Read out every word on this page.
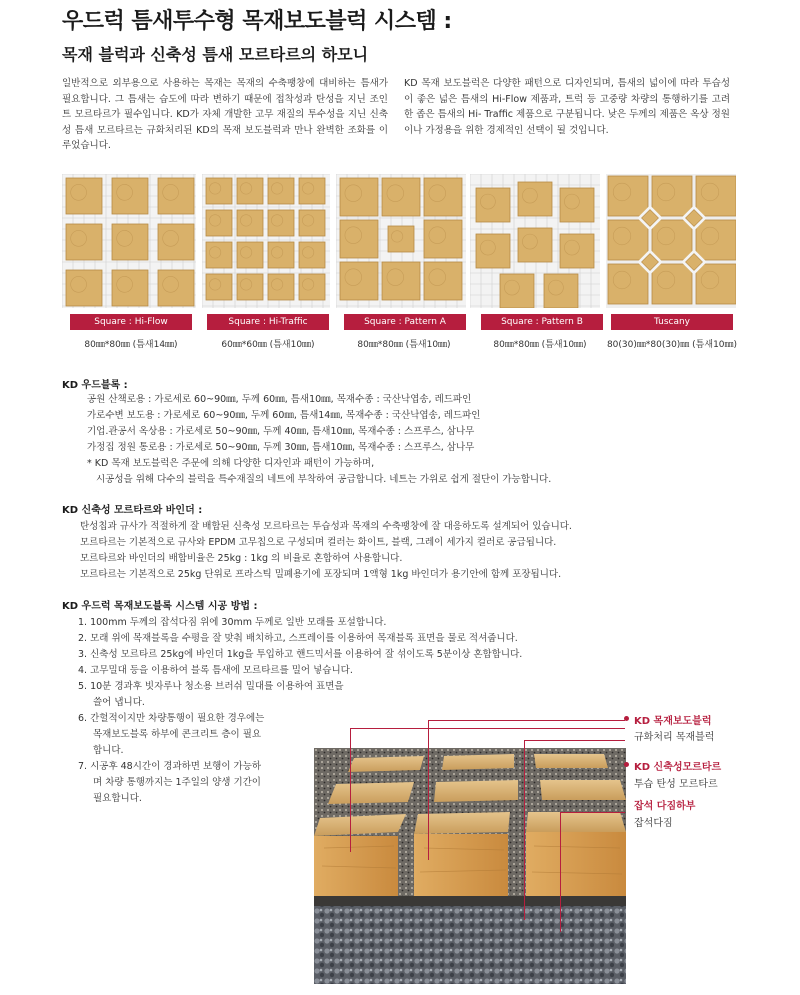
우드럭 틈새투수형 목재보도블럭 시스템 :
목재 블럭과 신축성 틈새 모르타르의 하모니
일반적으로 외부용으로 사용하는 목재는 목재의 수축팽창에 대비하는 틈새가 필요합니다. 그 틈새는 습도에 따라 변하기 때문에 접착성과 탄성을 지닌 조인트 모르타르가 필수입니다. KD가 자체 개발한 고무 재질의 투수성을 지닌 신축성 틈새 모르타르는 규화처리된 KD의 목재 보도블럭과 만나 완벽한 조화를 이루었습니다.
KD 목재 보도블럭은 다양한 패턴으로 디자인되며, 틈새의 넓이에 따라 투습성이 좋은 넓은 틈새의 Hi-Flow 제품과, 트럭 등 고중량 차량의 통행하기를 고려한 좁은 틈새의 Hi- Traffic 제품으로 구분됩니다. 낮은 두께의 제품은 옥상 정원이나 가정용을 위한 경제적인 선택이 될 것입니다.
Square : Hi-Flow	Square : Hi-Traffic	Square : Pattern A	Square : Pattern B	Tuscany
80㎜*80㎜ (틈새14㎜)	60㎜*60㎜ (틈새10㎜)	80㎜*80㎜ (틈새10㎜)	80㎜*80㎜ (틈새10㎜)	80(30)㎜*80(30)㎜ (틈새10㎜)
KD 우드블록 :
공원 산책로용 : 가로세로 60~90㎜, 두께 60㎜, 틈새10㎜, 목재수종 : 국산낙엽송, 레드파인
가로수변 보도용 : 가로세로 60~90㎜, 두께 60㎜, 틈새14㎜, 목재수종 : 국산낙엽송, 레드파인
기업.관공서 옥상용 : 가로세로 50~90㎜, 두께 40㎜, 틈새10㎜, 목재수종 : 스프루스, 삼나무
가정집 정원 통로용 : 가로세로 50~90㎜, 두께 30㎜, 틈새10㎜, 목재수종 : 스프루스, 삼나무
* KD 목재 보도블럭은 주문에 의해 다양한 디자인과 패턴이 가능하며,
시공성을 위해 다수의 블럭을 특수재질의 네트에 부착하여 공급합니다. 네트는 가위로 쉽게 절단이 가능합니다.
KD 신축성 모르타르와 바인더 :
탄성칩과 규사가 적절하게 잘 배합된 신축성 모르타르는 투습성과 목재의 수축팽창에 잘 대응하도록 설계되어 있습니다.
모르타르는 기본적으로 규사와 EPDM 고무칩으로 구성되며 컬러는 화이트, 블랙, 그레이 세가지 컬러로 공급됩니다.
모르타르와 바인더의 배합비율은 25kg : 1kg 의 비율로 혼합하여 사용합니다.
모르타르는 기본적으로 25kg 단위로 프라스틱 밀폐용기에 포장되며 1액형 1kg 바인더가 용기안에 함께 포장됩니다.
KD 우드럭 목재보도블록 시스템 시공 방법 :
1. 100mm 두께의 잡석다짐 위에 30mm 두께로 일반 모래를 포설합니다.
2. 모래 위에 목재블록을 수평을 잘 맞춰 배치하고, 스프레이를 이용하여 목재블록 표면을 물로 적셔줍니다.
3. 신축성 모르타르 25kg에 바인더 1kg을 투입하고 핸드믹서를 이용하여 잘 섞이도록 5분이상 혼합합니다.
4. 고무밀대 등을 이용하여 블록 틈새에 모르타르를 밀어 넣습니다.
5. 10분 경과후 빗자루나 청소용 브러쉬 밀대를 이용하여 표면을
쓸어 냅니다.
6. 간헐적이지만 차량통행이 필요한 경우에는
목재보도블록 하부에 콘크리트 층이 필요
합니다.
7. 시공후 48시간이 경과하면 보행이 가능하
며 차량 통행까지는 1주일의 양생 기간이
필요합니다.
KD 목재보도블럭
규화처리 목재블럭
KD 신축성모르타르
투습 탄성 모르타르
잡석 다짐하부
잡석다짐
